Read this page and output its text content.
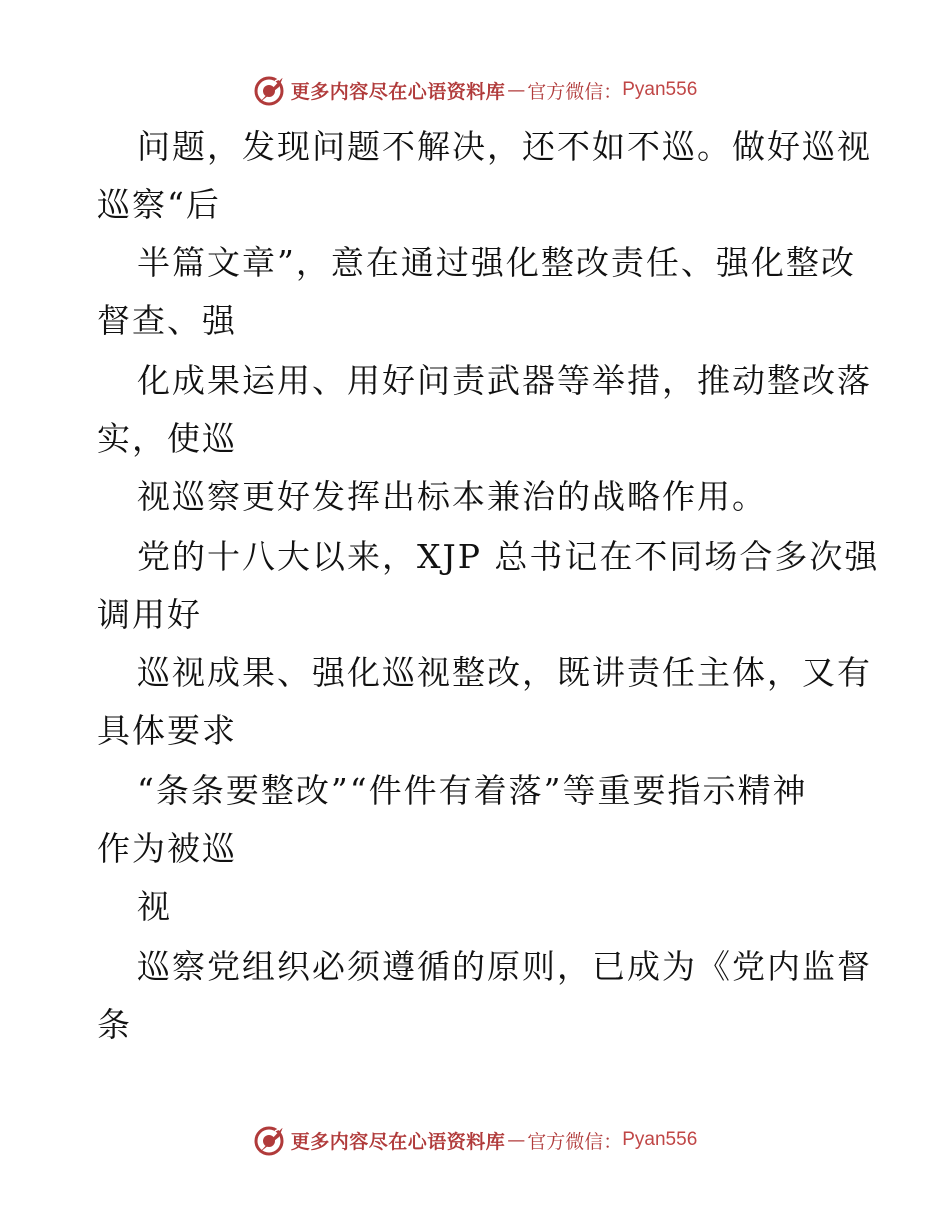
更多内容尽在心语资料库 — 官方微信： Pyan556
问题，发现问题不解决，还不如不巡。做好巡视
巡察“后
半篇文章”，意在通过强化整改责任、强化整改
督查、强
化成果运用、用好问责武器等举措，推动整改落
实，使巡
视巡察更好发挥出标本兼治的战略作用。
党的十八大以来，XJP 总书记在不同场合多次强
调用好
巡视成果、强化巡视整改，既讲责任主体，又有
具体要求
“条条要整改”“件件有着落”等重要指示精神
作为被巡
视
巡察党组织必须遵循的原则，已成为《党内监督
条
更多内容尽在心语资料库 — 官方微信： Pyan556
